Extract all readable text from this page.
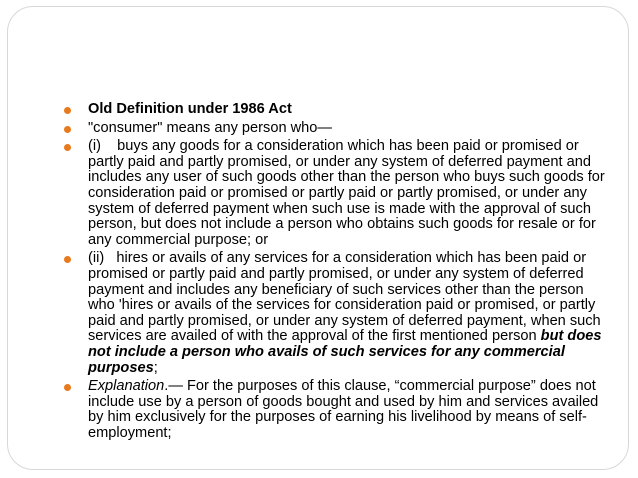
Old Definition under 1986 Act
"consumer" means any person who—
(i)    buys any goods for a consideration which has been paid or promised or partly paid and partly promised, or under any system of deferred payment and includes any user of such goods other than the person who buys such goods for consideration paid or promised or partly paid or partly promised, or under any system of deferred payment when such use is made with the approval of such person, but does not include a person who obtains such goods for resale or for any commercial purpose; or
(ii)   hires or avails of any services for a consideration which has been paid or promised or partly paid and partly promised, or under any system of deferred payment and includes any beneficiary of such services other than the person who 'hires or avails of the services for consideration paid or promised, or partly paid and partly promised, or under any system of deferred payment, when such services are availed of with the approval of the first mentioned person but does not include a person who avails of such services for any commercial purposes;
Explanation.— For the purposes of this clause, “commercial purpose” does not include use by a person of goods bought and used by him and services availed by him exclusively for the purposes of earning his livelihood by means of self-employment;
